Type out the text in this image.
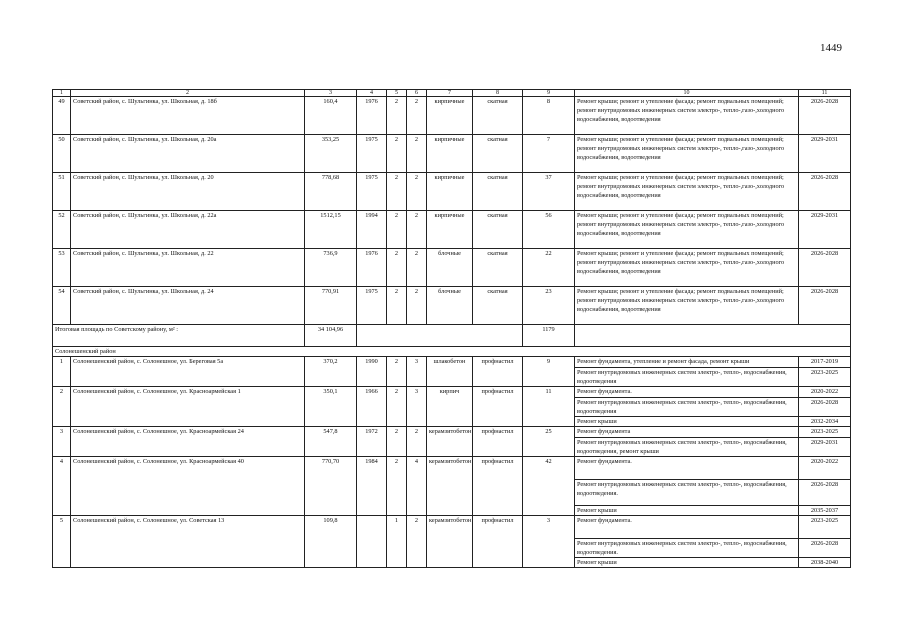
1449
1	2	3	4	5	6	7	8	9	10	11
49	Советский район, с. Шульгинка, ул. Школьная, д. 18б	160,4	1976	2	2	кирпичные	скатная	8	Ремонт крыши; ремонт и утепление фасада; ремонт подвальных помещений; ремонт внутридомовых инженерных систем электро-, тепло-,газо-,холодного водоснабжения, водоотведения	2026-2028
50	Советский район, с. Шульгинка, ул. Школьная, д. 20а	353,25	1975	2	2	кирпичные	скатная	7	Ремонт крыши; ремонт и утепление фасада; ремонт подвальных помещений; ремонт внутридомовых инженерных систем электро-, тепло-,газо-,холодного водоснабжения, водоотведения	2029-2031
51	Советский район, с. Шульгинка, ул. Школьная, д. 20	778,68	1975	2	2	кирпичные	скатная	37	Ремонт крыши; ремонт и утепление фасада; ремонт подвальных помещений; ремонт внутридомовых инженерных систем электро-, тепло-,газо-,холодного водоснабжения, водоотведения	2026-2028
52	Советский район, с. Шульгинка, ул. Школьная, д. 22а	1512,15	1994	2	2	кирпичные	скатная	56	Ремонт крыши; ремонт и утепление фасада; ремонт подвальных помещений; ремонт внутридомовых инженерных систем электро-, тепло-,газо-,холодного водоснабжения, водоотведения	2029-2031
53	Советский район, с. Шульгинка, ул. Школьная, д. 22	736,9	1976	2	2	блочные	скатная	22	Ремонт крыши; ремонт и утепление фасада; ремонт подвальных помещений; ремонт внутридомовых инженерных систем электро-, тепло-,газо-,холодного водоснабжения, водоотведения	2026-2028
54	Советский район, с. Шульгинка, ул. Школьная, д. 24	770,91	1975	2	2	блочные	скатная	23	Ремонт крыши; ремонт и утепление фасада; ремонт подвальных помещений; ремонт внутридомовых инженерных систем электро-, тепло-,газо-,холодного водоснабжения, водоотведения	2026-2028
Итоговая площадь по Советскому району, м² :		34 104,96						1179		
Солонешенский район										
1	Солонешенский район, с. Солонешное, ул. Береговая 5а	370,2	1990	2	3	шлакобетон	профнастил	9	Ремонт фундамента, утепление и ремонт фасада, ремонт крыши	2017-2019
									Ремонт внутридомовых инженерных систем электро-, тепло-, водоснабжения, водоотведения	2023-2025
2	Солонешенский район, с. Солонешное, ул. Красноармейская 1	350,1	1966	2	3	кирпич	профнастил	11	Ремонт фундамента.	2020-2022
									Ремонт внутридомовых инженерных систем электро-, тепло-, водоснабжения, водоотведения	2026-2028
									Ремонт крыши	2032-2034
3	Солонешенский район, с. Солонешное, ул. Красноармейская 24	547,8	1972	2	2	керамзитобетон	профнастил	25	Ремонт фундамента	2023-2025
									Ремонт внутридомовых инженерных систем электро-, тепло-, водоснабжения, водоотведения, ремонт крыши	2029-2031
4	Солонешенский район, с. Солонешное, ул. Красноармейская 40	770,70	1984	2	4	керамзитобетон	профнастил	42	Ремонт фундамента.	2020-2022
									Ремонт внутридомовых инженерных систем электро-, тепло-, водоснабжения, водоотведения.	2026-2028
									Ремонт крыши	2035-2037
5	Солонешенский район, с. Солонешное, ул. Советская 13	109,8		1	2	керамзитобетон	профнастил	3	Ремонт фундамента.	2023-2025
									Ремонт внутридомовых инженерных систем электро-, тепло-, водоснабжения, водоотведения.	2026-2028
									Ремонт крыши	2038-2040
